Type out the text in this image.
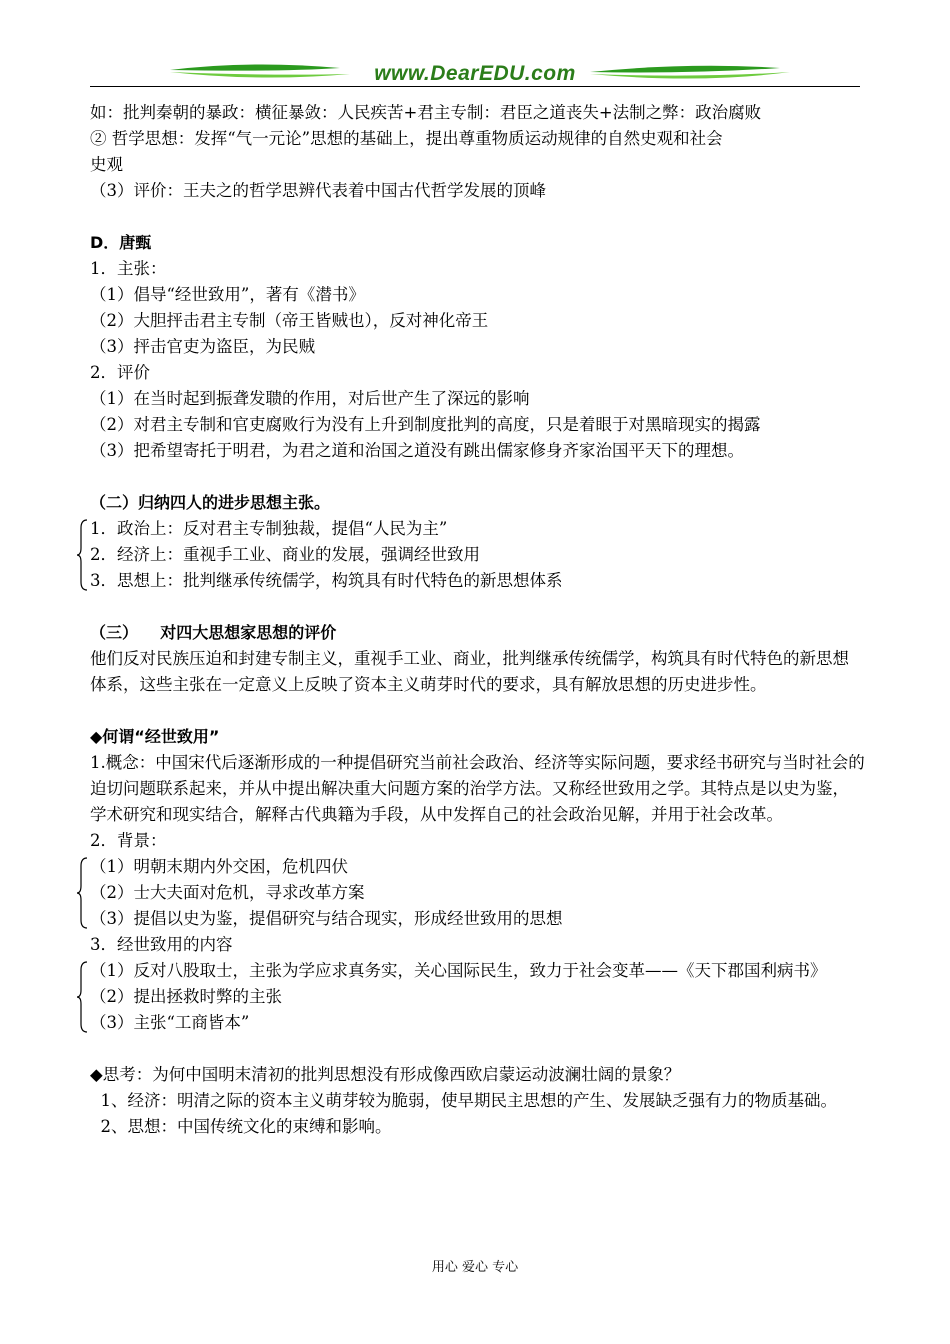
www.DearEDU.com
如：批判秦朝的暴政：横征暴敛：人民疾苦+君主专制：君臣之道丧失+法制之弊：政治腐败
② 哲学思想：发挥“气一元论”思想的基础上，提出尊重物质运动规律的自然史观和社会
史观
（3）评价：王夫之的哲学思辨代表着中国古代哲学发展的顶峰
D．唐甄
1．主张：
（1）倡导“经世致用”，著有《潜书》
（2）大胆抨击君主专制（帝王皆贼也），反对神化帝王
（3）抨击官吏为盗臣，为民贼
2．评价
（1）在当时起到振聋发聩的作用，对后世产生了深远的影响
（2）对君主专制和官吏腐败行为没有上升到制度批判的高度，只是着眼于对黑暗现实的揭露
（3）把希望寄托于明君，为君之道和治国之道没有跳出儒家修身齐家治国平天下的理想。
（二）归纳四人的进步思想主张。
1．政治上：反对君主专制独裁，提倡“人民为主”
2．经济上：重视手工业、商业的发展，强调经世致用
3．思想上：批判继承传统儒学，构筑具有时代特色的新思想体系
（三）    对四大思想家思想的评价
他们反对民族压迫和封建专制主义，重视手工业、商业，批判继承传统儒学，构筑具有时代特色的新思想体系，这些主张在一定意义上反映了资本主义萌芽时代的要求，具有解放思想的历史进步性。
◆何谓“经世致用”
1.概念：中国宋代后逐渐形成的一种提倡研究当前社会政治、经济等实际问题，要求经书研究与当时社会的迫切问题联系起来，并从中提出解决重大问题方案的治学方法。又称经世致用之学。其特点是以史为鉴，学术研究和现实结合，解释古代典籍为手段，从中发挥自己的社会政治见解，并用于社会改革。
2．背景：
（1）明朝末期内外交困，危机四伏
（2）士大夫面对危机，寻求改革方案
（3）提倡以史为鉴，提倡研究与结合现实，形成经世致用的思想
3．经世致用的内容
（1）反对八股取士，主张为学应求真务实，关心国际民生，致力于社会变革——《天下郡国利病书》
（2）提出拯救时弊的主张
（3）主张“工商皆本”
◆思考：为何中国明末清初的批判思想没有形成像西欧启蒙运动波澜壮阔的景象？
1、经济：明清之际的资本主义萌芽较为脆弱，使早期民主思想的产生、发展缺乏强有力的物质基础。
2、思想：中国传统文化的束缚和影响。
用心 爱心 专心
